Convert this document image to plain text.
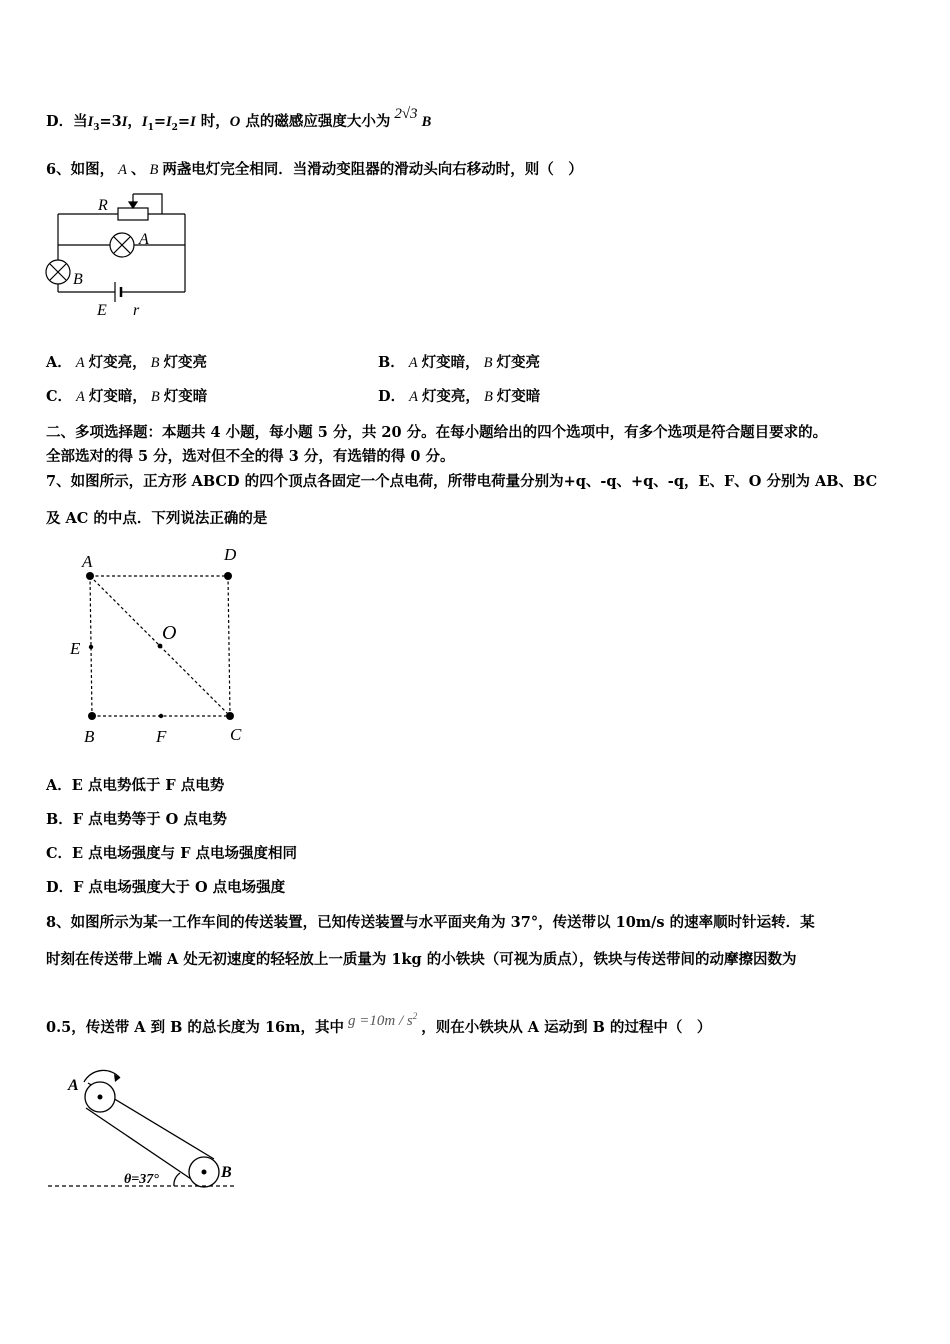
D．当$I_3=3I$，$I_1=I_2=I$ 时，O 点的磁感应强度大小为 2√3 B
6、如图， A 、 B 两盏电灯完全相同．当滑动变阻器的滑动头向右移动时，则（　）
R
A
B
E r
A． A 灯变亮， B 灯变亮	B． A 灯变暗， B 灯变亮
C． A 灯变暗， B 灯变暗	D． A 灯变亮， B 灯变暗
二、多项选择题：本题共 4 小题，每小题 5 分，共 20 分。在每小题给出的四个选项中，有多个选项是符合题目要求的。
全部选对的得 5 分，选对但不全的得 3 分，有选错的得 0 分。
7、如图所示，正方形 ABCD 的四个顶点各固定一个点电荷，所带电荷量分别为+q、-q、+q、-q，E、F、O 分别为 AB、BC
及 AC 的中点．下列说法正确的是
A	D
E
O
B	F	C
A．E 点电势低于 F 点电势
B．F 点电势等于 O 点电势
C．E 点电场强度与 F 点电场强度相同
D．F 点电场强度大于 O 点电场强度
8、如图所示为某一工作车间的传送装置，已知传送装置与水平面夹角为 37°，传送带以 10m/s 的速率顺时针运转．某
时刻在传送带上端 A 处无初速度的轻轻放上一质量为 1kg 的小铁块（可视为质点），铁块与传送带间的动摩擦因数为
0.5，传送带 A 到 B 的总长度为 16m，其中 $g =10m / s^2$，则在小铁块从 A 运动到 B 的过程中（　）
A
B
θ=37°
